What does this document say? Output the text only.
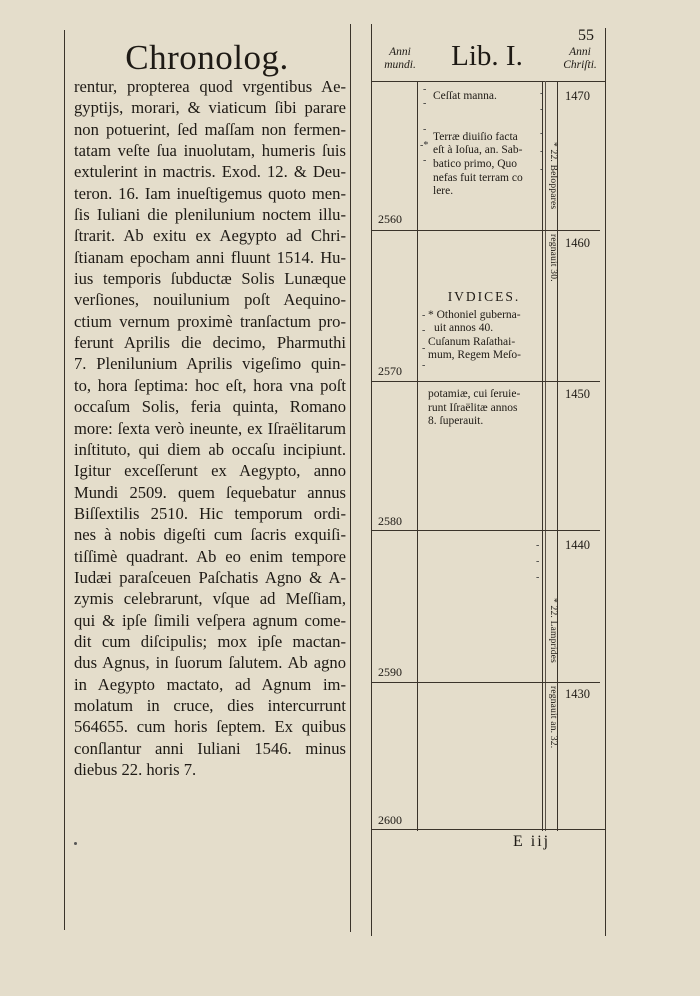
Chronolog.
rentur, propterea quod vrgentibus Ae-
gyptijs, morari, & viaticum ſibi parare
non potuerint, ſed maſſam non fermen-
tatam veſte ſua inuolutam, humeris ſuis
extulerint in mactris. Exod. 12. & Deu-
teron. 16. Iam inueſtigemus quoto men-
ſis Iuliani die plenilunium noctem illu-
ſtrarit. Ab exitu ex Aegypto ad Chri-
ſtianam epocham anni fluunt 1514. Hu-
ius temporis ſubductæ Solis Lunæque
verſiones, nouilunium poſt Aequino-
ctium vernum proximè tranſactum pro-
ferunt Aprilis die decimo, Pharmuthi
7. Plenilunium Aprilis vigeſimo quin-
to, hora ſeptima: hoc eſt, hora vna poſt
occaſum Solis, feria quinta, Romano
more: ſexta verò ineunte, ex Iſraëlitarum
inſtituto, qui diem ab occaſu incipiunt.
Igitur exceſſerunt ex Aegypto, anno
Mundi 2509. quem ſequebatur annus
Biſſextilis 2510. Hic temporum ordi-
nes à nobis digeſti cum ſacris exquiſi-
tiſſimè quadrant. Ab eo enim tempore
Iudæi paraſceuen Paſchatis Agno & A-
zymis celebrarunt, vſque ad Meſſiam,
qui & ipſe ſimili veſpera agnum come-
dit cum diſcipulis; mox ipſe mactan-
dus Agnus, in ſuorum ſalutem. Ab agno
in Aegypto mactato, ad Agnum im-
molatum in cruce, dies intercurrunt
564655. cum horis ſeptem. Ex quibus
conſlantur anni Iuliani 1546. minus
diebus 22. horis 7.
55
Anni
mundi.	Lib. I.	Anni
Chriſti.
2560
2570
2580
2590
2600
1470
1460
1450
1440
1430
Ceſſat manna.

Terræ diuiſio facta
eſt à Ioſua, an. Sab-
batico primo, Quo
nefas fuit terram co
lere.
IVDICES.
* Othoniel guberna-
uit annos 40.
Cuſanum Raſathai-
mum, Regem Meſo-
potamiæ, cui ſeruie-
runt Iſraëlitæ annos
8. ſuperauit.
-
-
-
-*
-
-
-
-
-
-
-
-
-
-
-
-
-
* 22. Beloppares
regnauit 30.
* 22. Lamprides
regnauit an. 32.
E iij
